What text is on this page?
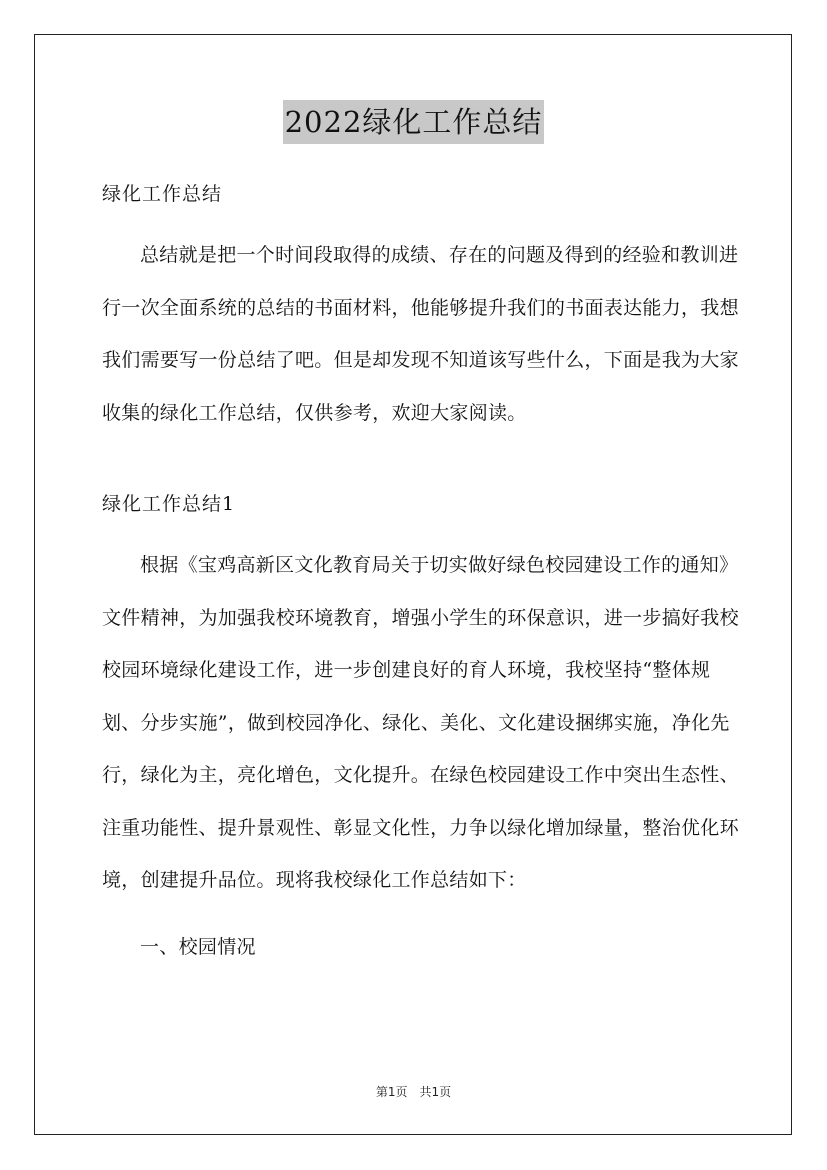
2022绿化工作总结

绿化工作总结

总结就是把一个时间段取得的成绩、存在的问题及得到的经验和教训进行一次全面系统的总结的书面材料，他能够提升我们的书面表达能力，我想我们需要写一份总结了吧。但是却发现不知道该写些什么，下面是我为大家收集的绿化工作总结，仅供参考，欢迎大家阅读。

绿化工作总结1

根据《宝鸡高新区文化教育局关于切实做好绿色校园建设工作的通知》文件精神，为加强我校环境教育，增强小学生的环保意识，进一步搞好我校校园环境绿化建设工作，进一步创建良好的育人环境，我校坚持“整体规划、分步实施”，做到校园净化、绿化、美化、文化建设捆绑实施，净化先行，绿化为主，亮化增色，文化提升。在绿色校园建设工作中突出生态性、注重功能性、提升景观性、彰显文化性，力争以绿化增加绿量，整治优化环境，创建提升品位。现将我校绿化工作总结如下：

一、校园情况

第1页　共1页
